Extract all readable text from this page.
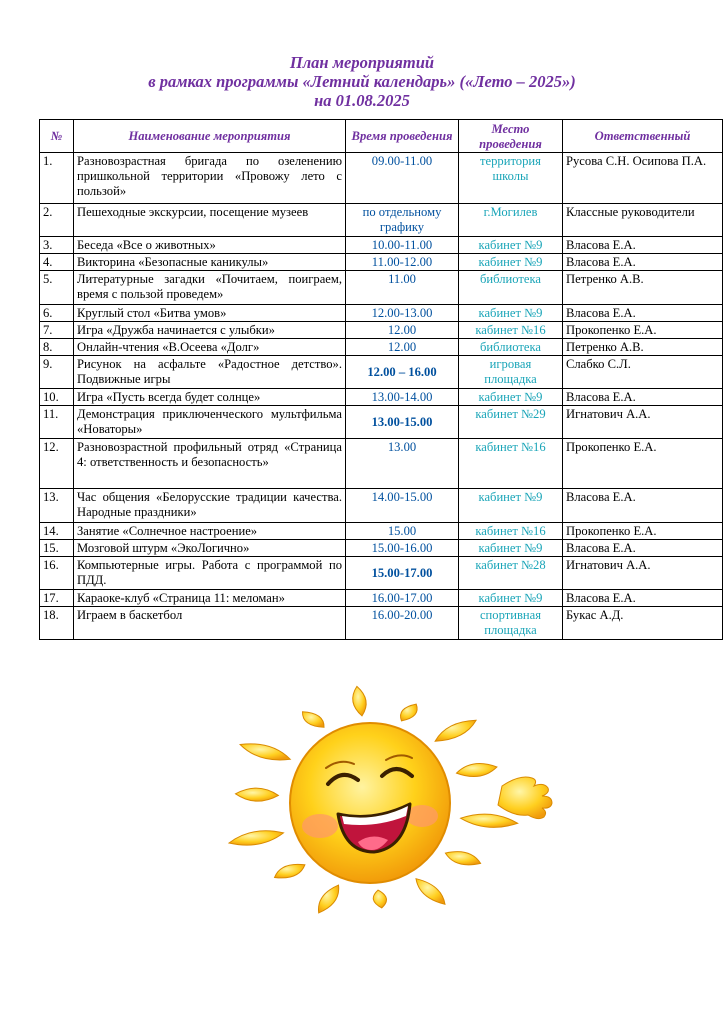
План мероприятий
в рамках программы «Летний календарь» («Лето – 2025»)
на 01.08.2025
№	Наименование мероприятия	Время проведения	Место проведения	Ответственный
1.	Разновозрастная бригада по озеленению пришкольной территории «Провожу лето с пользой»	09.00-11.00	территория школы	Русова С.Н. Осипова П.А.
2.	Пешеходные экскурсии, посещение музеев	по отдельному графику	г.Могилев	Классные руководители
3.	Беседа «Все о животных»	10.00-11.00	кабинет №9	Власова Е.А.
4.	Викторина «Безопасные каникулы»	11.00-12.00	кабинет №9	Власова Е.А.
5.	Литературные загадки «Почитаем, поиграем, время с пользой проведем»	11.00	библиотека	Петренко А.В.
6.	Круглый стол «Битва умов»	12.00-13.00	кабинет №9	Власова Е.А.
7.	Игра «Дружба начинается с улыбки»	12.00	кабинет №16	Прокопенко Е.А.
8.	Онлайн-чтения «В.Осеева «Долг»	12.00	библиотека	Петренко А.В.
9.	Рисунок на асфальте «Радостное детство». Подвижные игры	12.00 – 16.00	игровая площадка	Слабко С.Л.
10.	Игра «Пусть всегда будет солнце»	13.00-14.00	кабинет №9	Власова Е.А.
11.	Демонстрация приключенческого мультфильма «Новаторы»	13.00-15.00	кабинет №29	Игнатович А.А.
12.	Разновозрастной профильный отряд «Страница 4: ответственность и безопасность»	13.00	кабинет №16	Прокопенко Е.А.
13.	Час общения «Белорусские традиции качества. Народные праздники»	14.00-15.00	кабинет №9	Власова Е.А.
14.	Занятие «Солнечное настроение»	15.00	кабинет №16	Прокопенко Е.А.
15.	Мозговой штурм «ЭкоЛогично»	15.00-16.00	кабинет №9	Власова Е.А.
16.	Компьютерные игры. Работа с программой по ПДД.	15.00-17.00	кабинет №28	Игнатович А.А.
17.	Караоке-клуб «Страница 11: меломан»	16.00-17.00	кабинет №9	Власова Е.А.
18.	Играем в баскетбол	16.00-20.00	спортивная площадка	Букас А.Д.
